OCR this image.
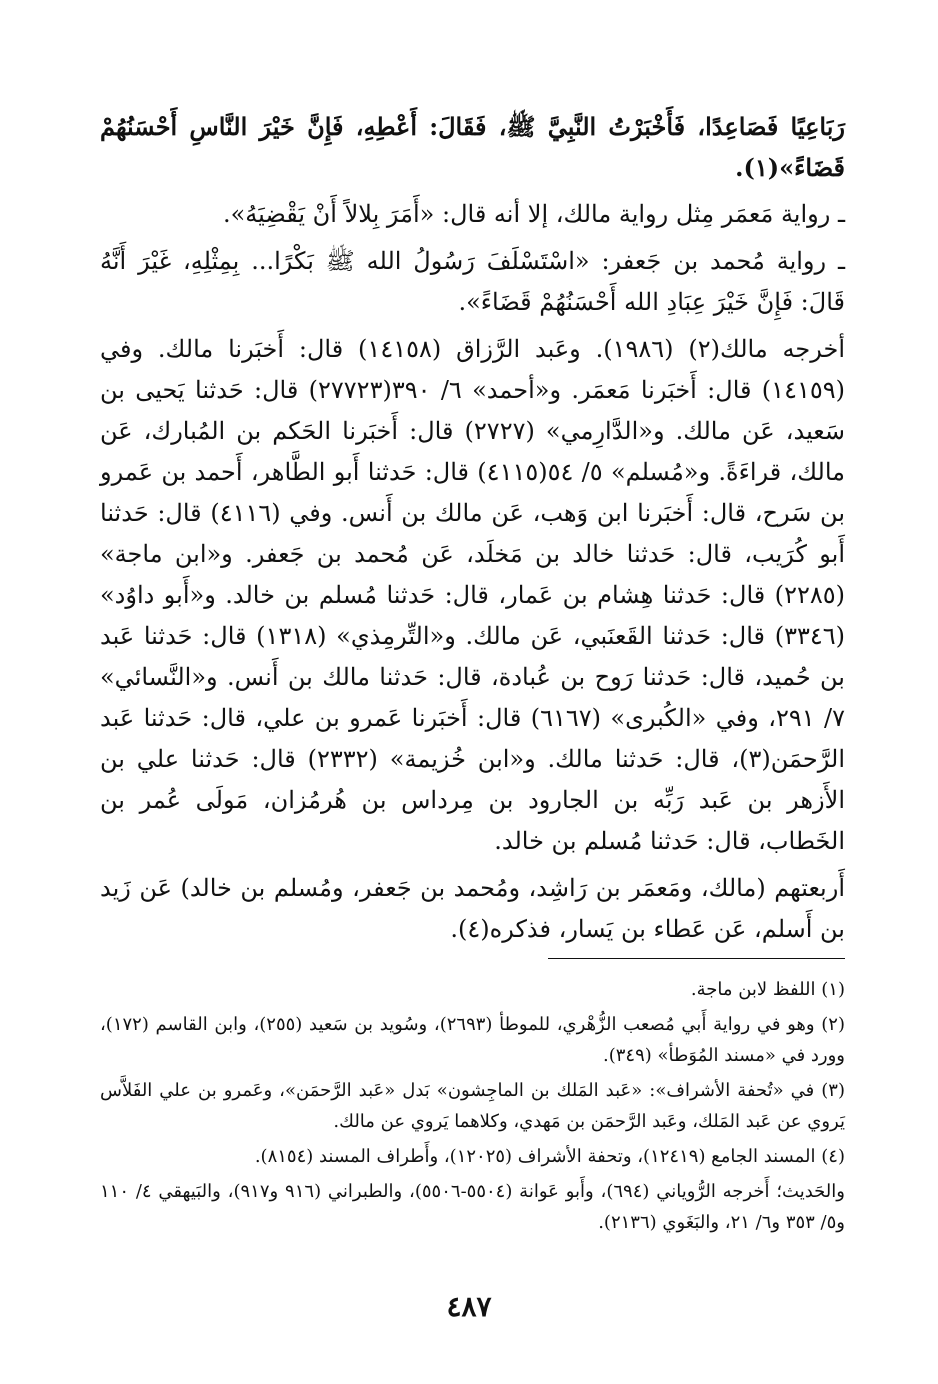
رَبَاعِيًا فَصَاعِدًا، فَأَخْبَرْتُ النَّبِيَّ ﷺ، فَقَالَ: أَعْطِهِ، فَإِنَّ خَيْرَ النَّاسِ أَحْسَنُهُمْ قَضَاءً»(١).

ـ رواية مَعمَر مِثل رواية مالك، إلا أنه قال: «أَمَرَ بِلالاً أَنْ يَقْضِيَهُ».

ـ رواية مُحمد بن جَعفر: «اسْتَسْلَفَ رَسُولُ الله ﷺ بَكْرًا... بِمِثْلِهِ، غَيْرَ أَنَّهُ قَالَ: فَإِنَّ خَيْرَ عِبَادِ الله أَحْسَنُهُمْ قَضَاءً».

أخرجه مالك(٢) (١٩٨٦). وعَبد الرَّزاق (١٤١٥٨) قال: أَخبَرنا مالك. وفي (١٤١٥٩) قال: أَخبَرنا مَعمَر. و«أحمد» ٦/ ٣٩٠(٢٧٧٢٣) قال: حَدثنا يَحيى بن سَعيد، عَن مالك. و«الدَّارِمي» (٢٧٢٧) قال: أَخبَرنا الحَكم بن المُبارك، عَن مالك، قراءَةً. و«مُسلم» ٥/ ٥٤(٤١١٥) قال: حَدثنا أَبو الطَّاهر، أَحمد بن عَمرو بن سَرح، قال: أَخبَرنا ابن وَهب، عَن مالك بن أَنس. وفي (٤١١٦) قال: حَدثنا أَبو كُرَيب، قال: حَدثنا خالد بن مَخلَد، عَن مُحمد بن جَعفر. و«ابن ماجة» (٢٢٨٥) قال: حَدثنا هِشام بن عَمار، قال: حَدثنا مُسلم بن خالد. و«أَبو داوُد» (٣٣٤٦) قال: حَدثنا القَعنَبي، عَن مالك. و«التِّرمِذي» (١٣١٨) قال: حَدثنا عَبد بن حُميد، قال: حَدثنا رَوح بن عُبادة، قال: حَدثنا مالك بن أَنس. و«النَّسائي» ٧/ ٢٩١، وفي «الكُبرى» (٦١٦٧) قال: أَخبَرنا عَمرو بن علي، قال: حَدثنا عَبد الرَّحمَن(٣)، قال: حَدثنا مالك. و«ابن خُزيمة» (٢٣٣٢) قال: حَدثنا علي بن الأَزهر بن عَبد رَبِّه بن الجارود بن مِرداس بن هُرمُزان، مَولَى عُمر بن الخَطاب، قال: حَدثنا مُسلم بن خالد.

أَربعتهم (مالك، ومَعمَر بن رَاشِد، ومُحمد بن جَعفر، ومُسلم بن خالد) عَن زَيد بن أَسلم، عَن عَطاء بن يَسار، فذكره(٤).

(١) اللفظ لابن ماجة.

(٢) وهو في رواية أَبي مُصعب الزُّهْري، للموطأ (٢٦٩٣)، وسُويد بن سَعيد (٢٥٥)، وابن القاسم (١٧٢)، وورد في «مسند المُوَطأ» (٣٤٩).

(٣) في «تُحفة الأشراف»: «عَبد المَلك بن الماجِشون» بَدل «عَبد الرَّحمَن»، وعَمرو بن علي الفَلاَّس يَروي عن عَبد المَلك، وعَبد الرَّحمَن بن مَهدي، وكلاهما يَروي عن مالك.

(٤) المسند الجامع (١٢٤١٩)، وتحفة الأشراف (١٢٠٢٥)، وأَطراف المسند (٨١٥٤).

والحَديث؛ أَخرجه الرُّوياني (٦٩٤)، وأَبو عَوانة (٥٥٠٤-٥٥٠٦)، والطبراني (٩١٦ و٩١٧)، والبَيهقي ٤/ ١١٠ و٥/ ٣٥٣ و٦/ ٢١، والبَغَوي (٢١٣٦).

٤٨٧
